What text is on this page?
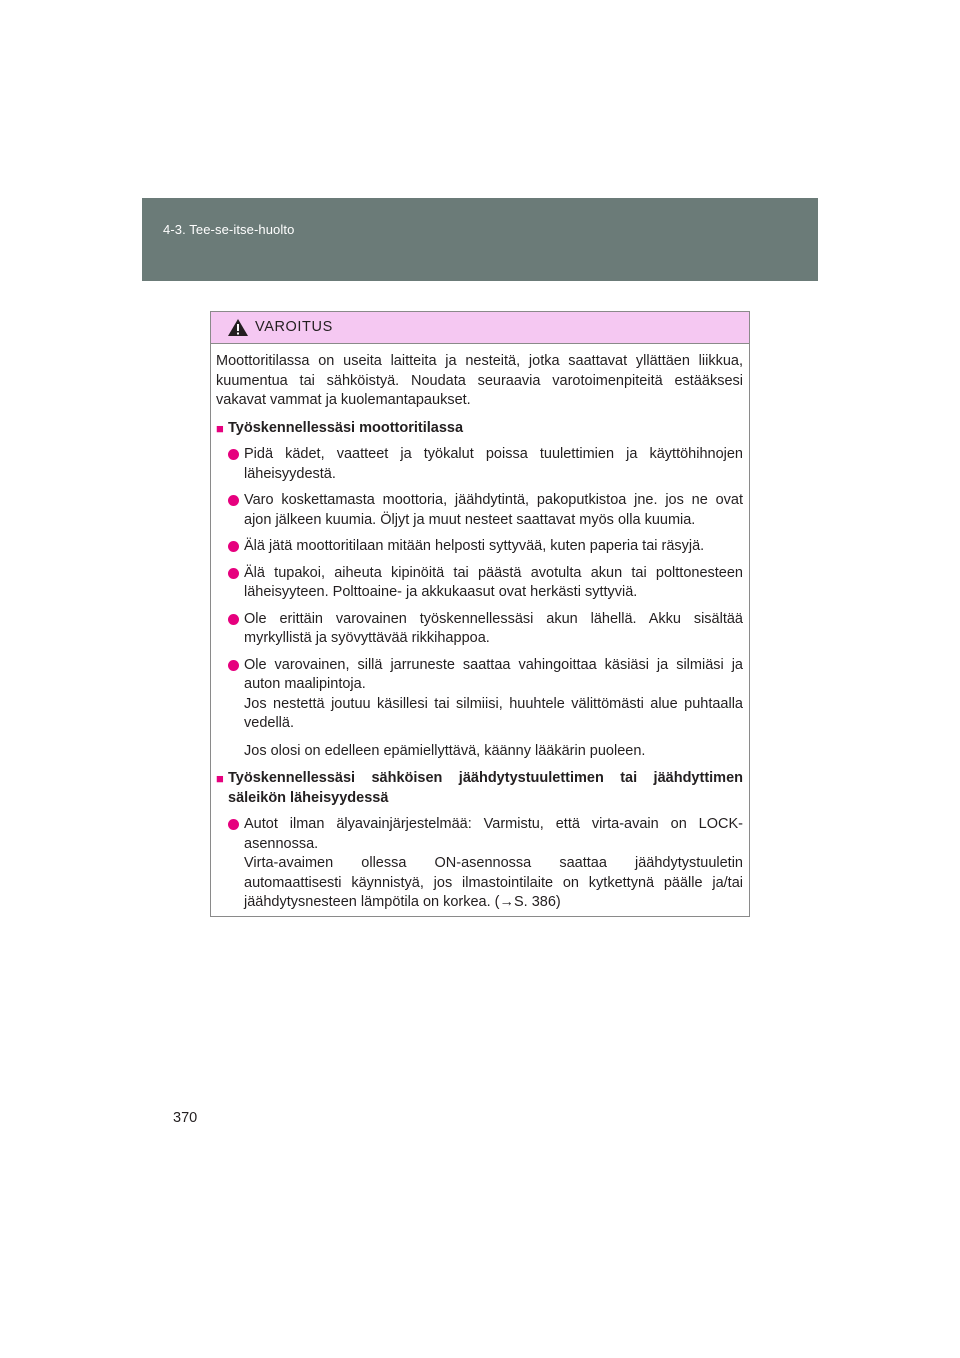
4-3. Tee-se-itse-huolto
VAROITUS

Moottoritilassa on useita laitteita ja nesteitä, jotka saattavat yllättäen liikkua, kuumentua tai sähköistyä. Noudata seuraavia varotoimenpiteitä estääksesi vakavat vammat ja kuolemantapaukset.

■ Työskennellessäsi moottoritilassa

Pidä kädet, vaatteet ja työkalut poissa tuulettimien ja käyttöhihnojen läheisyydestä.

Varo koskettamasta moottoria, jäähdytintä, pakoputkistoa jne. jos ne ovat ajon jälkeen kuumia. Öljyt ja muut nesteet saattavat myös olla kuumia.

Älä jätä moottoritilaan mitään helposti syttyvää, kuten paperia tai räsyjä.

Älä tupakoi, aiheuta kipinöitä tai päästä avotulta akun tai polttonesteen läheisyyteen. Polttoaine- ja akkukaasut ovat herkästi syttyviä.

Ole erittäin varovainen työskennellessäsi akun lähellä. Akku sisältää myrkyllistä ja syövyttävää rikkihappoa.

Ole varovainen, sillä jarruneste saattaa vahingoittaa käsiäsi ja silmiäsi ja auton maalipintoja.

Jos nestettä joutuu käsillesi tai silmiisi, huuhtele välittömästi alue puhtaalla vedellä.

Jos olosi on edelleen epämiellyttävä, käänny lääkärin puoleen.

■ Työskennellessäsi sähköisen jäähdytystuulettimen tai jäähdyttimen säleikön läheisyydessä

Autot ilman älyavainjärjestelmää: Varmistu, että virta-avain on LOCK-asennossa.

Virta-avaimen ollessa ON-asennossa saattaa jäähdytystuuletin automaattisesti käynnistyä, jos ilmastointilaite on kytkettynä päälle ja/tai jäähdytysnesteen lämpötila on korkea. (→S. 386)

370
